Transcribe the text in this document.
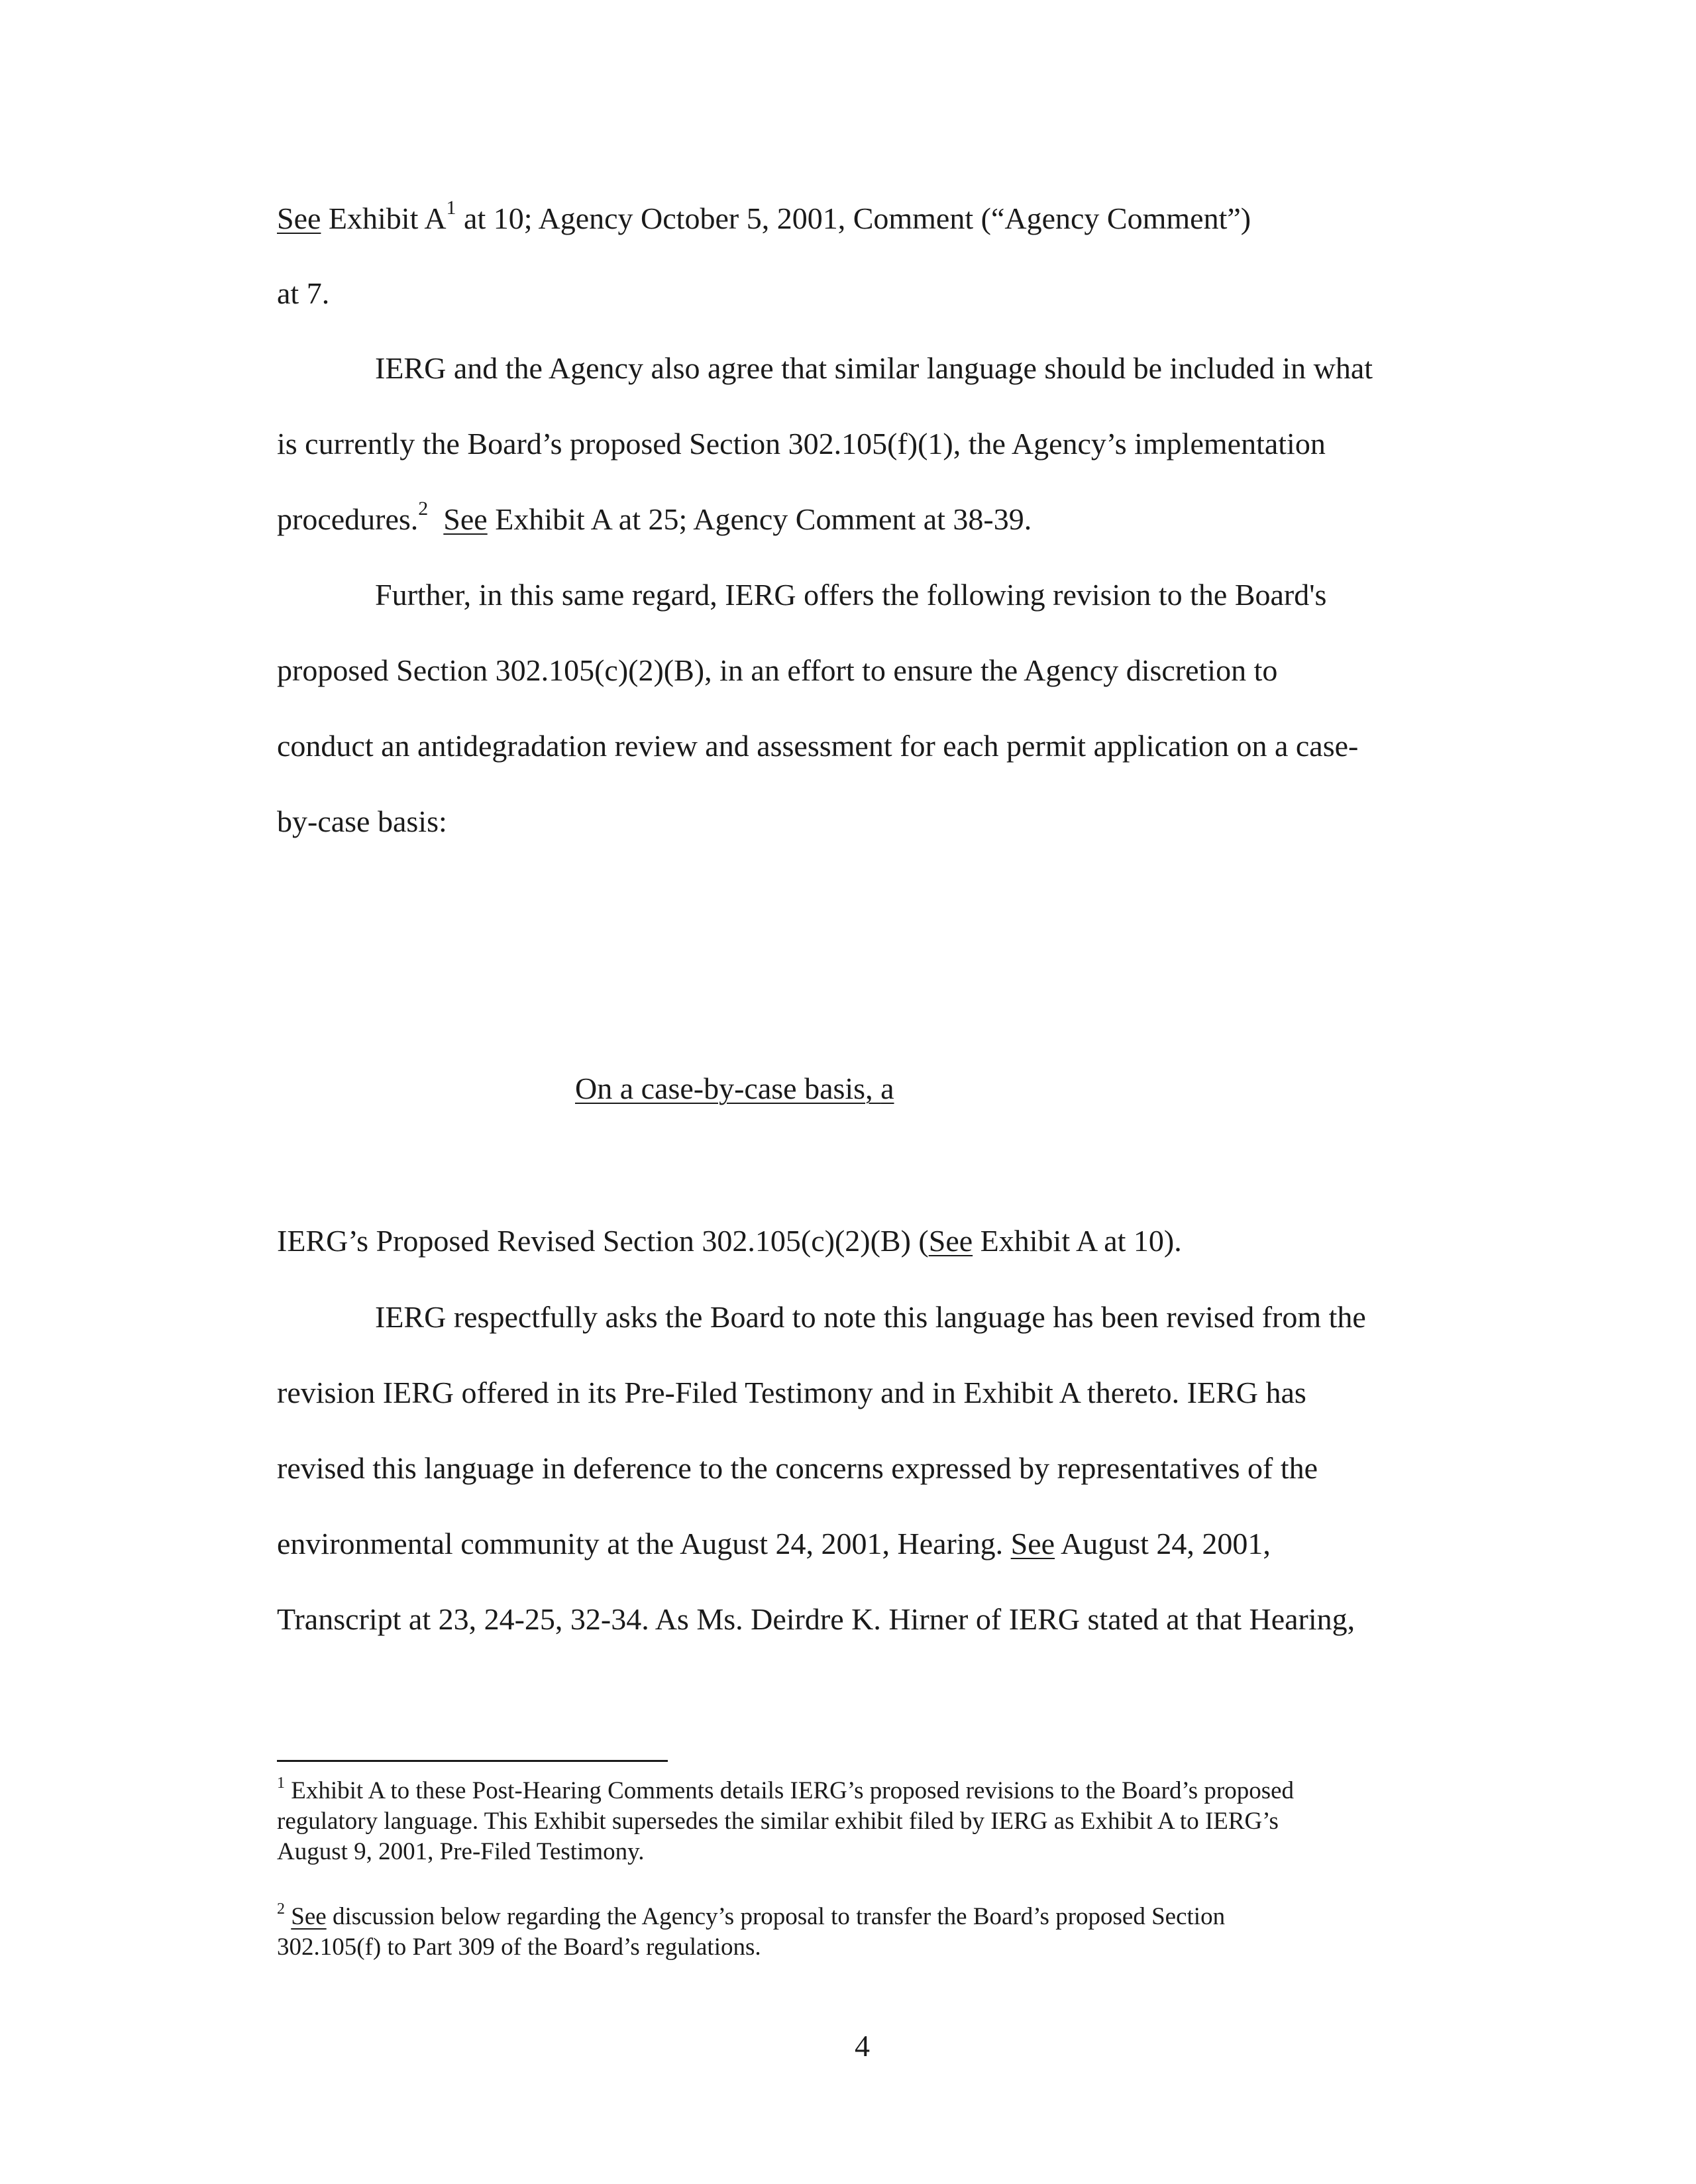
See Exhibit $A^1$ at 10; Agency October 5, 2001, Comment (“Agency Comment”)
at 7.
IERG and the Agency also agree that similar language should be included in what
is currently the Board’s proposed Section 302.105(f)(1), the Agency’s implementation
procedures.$^2$ See Exhibit A at 25; Agency Comment at 38-39.
Further, in this same regard, IERG offers the following revision to the Board's
proposed Section 302.105(c)(2)(B), in an effort to ensure the Agency discretion to
conduct an antidegradation review and assessment for each permit application on a case-
by-case basis:
On a case-by-case basis, a
IERG’s Proposed Revised Section 302.105(c)(2)(B) (See Exhibit A at 10).
IERG respectfully asks the Board to note this language has been revised from the
revision IERG offered in its Pre-Filed Testimony and in Exhibit A thereto. IERG has
revised this language in deference to the concerns expressed by representatives of the
environmental community at the August 24, 2001, Hearing. See August 24, 2001,
Transcript at 23, 24-25, 32-34. As Ms. Deirdre K. Hirner of IERG stated at that Hearing,
$^1$ Exhibit A to these Post-Hearing Comments details IERG’s proposed revisions to the Board’s proposed
regulatory language. This Exhibit supersedes the similar exhibit filed by IERG as Exhibit A to IERG’s
August 9, 2001, Pre-Filed Testimony.
$^2$ See discussion below regarding the Agency’s proposal to transfer the Board’s proposed Section
302.105(f) to Part 309 of the Board’s regulations.
4
